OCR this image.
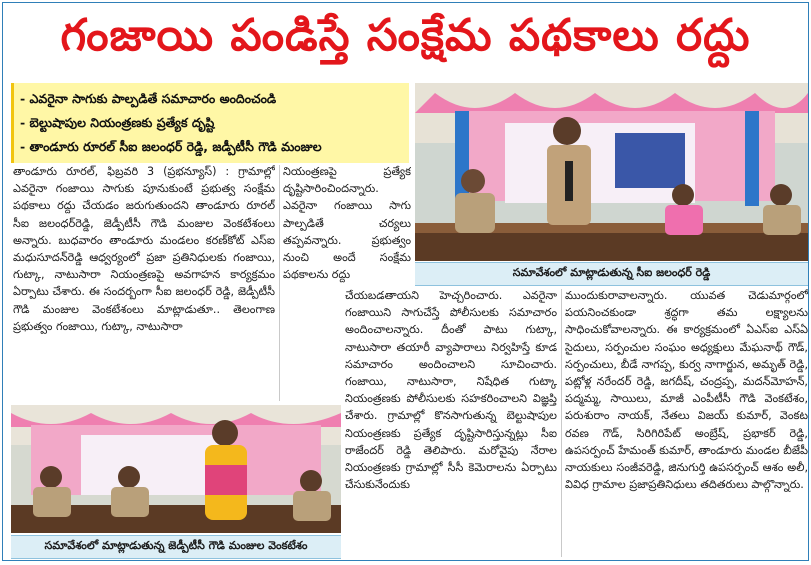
గంజాయి పండిస్తే సంక్షేమ పథకాలు రద్దు
- ఎవరైనా సాగుకు పాల్పడితే సమాచారం అందించండి
- బెల్టుషాపుల నియంత్రణకు ప్రత్యేక దృష్టి
- తాండూరు రూరల్ సీఐ జలంధర్ రెడ్డి, జడ్పీటీసీ గౌడి మంజుల
సమావేశంలో మాట్లాడుతున్న సీఐ జలంధర్ రెడ్డి

తాండూరు రూరల్, ఫిబ్రవరి 3 (ప్రభన్యూస్) : గ్రామాల్లో ఎవరైనా గంజాయి సాగుకు పూనుకుంటే ప్రభుత్వ సంక్షేమ పథకాలు రద్దు చేయడం జరుగుతుందని తాండూరు రూరల్ సీఐ జలంధర్‌రెడ్డి, జెడ్పీటీసీ గౌడి మంజుల వెంకటేశంలు అన్నారు. బుధవారం తాండూరు మండలం కరణ్‌కోట్ ఎస్ఐ మధుసూదన్‌రెడ్డి ఆధ్వర్యంలో ప్రజా ప్రతినిధులకు గంజాయి, గుట్కా, నాటుసారా నియంత్రణపై అవగాహన కార్యక్రమం ఏర్పాటు చేశారు. ఈ సందర్బంగా సీఐ జలంధర్ రెడ్డి, జెడ్పీటీసీ గౌడి మంజుల వెంకటేశంలు మాట్లాడుతూ.. తెలంగాణ ప్రభుత్వం గంజాయి, గుట్కా, నాటుసారా

నియంత్రణపై ప్రత్యేక దృష్టిసారించిందన్నారు. ఎవరైనా గంజాయి సాగు పాల్పడితే చర్యలు తప్పవన్నారు. ప్రభుత్వం నుంచి అందే సంక్షేమ పథకాలను రద్దు

చేయబడతాయని హెచ్చరించారు. ఎవరైనా గంజాయిని సాగుచేస్తే పోలీసులకు సమాచారం అందించాలన్నారు. దీంతో పాటు గుట్కా, నాటుసారా తయారీ వ్యాపారాలు నిర్వహిస్తే కూడ సమాచారం అందించాలని సూచించారు. గంజాయి, నాటుసారా, నిషేధిత గుట్కా నియంత్రణకు పోలీసులకు సహకరించాలని విజ్ఞప్తి చేశారు. గ్రామాల్లో కొనసాగుతున్న బెల్టుషాపుల నియంత్రణకు ప్రత్యేక దృష్టిసారిస్తున్నట్లు సీఐ రాజేందర్ రెడ్డి తెలిపారు. మరోవైపు నేరాల నియంత్రణకు గ్రామాల్లో సీసీ కెమెరాలను ఏర్పాటు చేసుకునేందుకు

ముందుకురావాలన్నారు. యువత చెడుమార్గంలో పయనించకుండా శ్రద్ధగా తమ లక్ష్యాలను సాధించుకోవాలన్నారు. ఈ కార్యక్రమంలో ఏఎస్ఐ ఎస్ఏ సైదులు, సర్పంచుల సంఘం అధ్యక్షులు మేఘనాథ్ గౌడ్, సర్పంచులు, బీడే నాగప్ప, కుర్వ నాగార్జున, అమృత్ రెడ్డి, పట్లోళ్ల నరేందర్ రెడ్డి, జగదీష్, చంద్రప్ప, మదన్‌మోహన్, పద్మమ్మ, సాయిలు, మాజీ ఎంపీటీసీ గౌడి వెంకటేశం, పరుశురాం నాయక్, నేతలు విజయ్ కుమార్, వెంకట రవణ గౌడ్, సిరిగిరిపేట్ అంబ్రేష్, ప్రభాకర్ రెడ్డి, ఉపసర్పంచ్ హేమంత్ కుమార్, తాండూరు మండల బీజేపీ నాయకులు సంజీవరెడ్డి, జినుగుర్తి ఉపసర్పంచ్ ఆశం అలీ, వివిధ గ్రామాల ప్రజాప్రతినిధులు తదితరులు పాల్గొన్నారు.

సమావేశంలో మాట్లాడుతున్న జెడ్పీటీసీ గౌడి మంజుల వెంకటేశం
